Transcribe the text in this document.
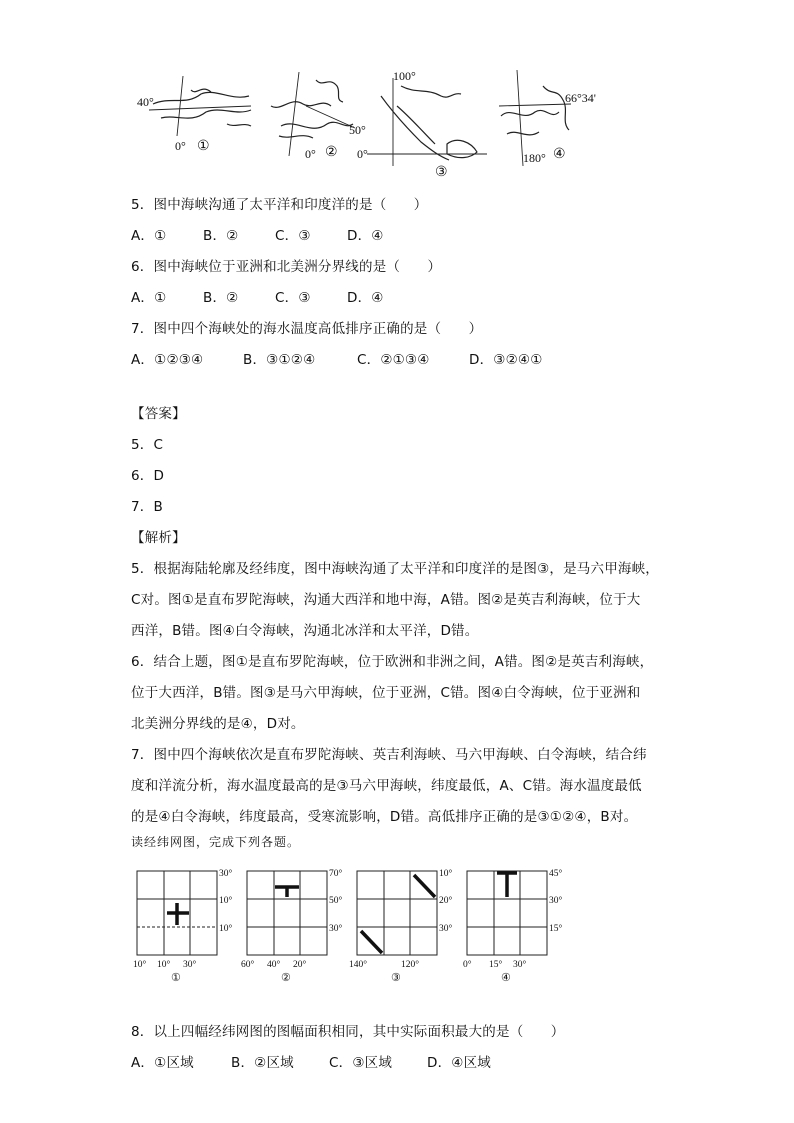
40°
0° ①
50°
0° ② 0°
100°
③
66°34'
180° ④
5．图中海峡沟通了太平洋和印度洋的是（　　）
A．①	B．②	C．③	D．④
6．图中海峡位于亚洲和北美洲分界线的是（　　）
A．①	B．②	C．③	D．④
7．图中四个海峡处的海水温度高低排序正确的是（　　）
A．①②③④	B．③①②④	C．②①③④	D．③②④①
【答案】
5．C
6．D
7．B
【解析】
5．根据海陆轮廓及经纬度，图中海峡沟通了太平洋和印度洋的是图③，是马六甲海峡，
C对。图①是直布罗陀海峡，沟通大西洋和地中海，A错。图②是英吉利海峡，位于大
西洋，B错。图④白令海峡，沟通北冰洋和太平洋，D错。
6．结合上题，图①是直布罗陀海峡，位于欧洲和非洲之间，A错。图②是英吉利海峡，
位于大西洋，B错。图③是马六甲海峡，位于亚洲，C错。图④白令海峡，位于亚洲和
北美洲分界线的是④，D对。
7．图中四个海峡依次是直布罗陀海峡、英吉利海峡、马六甲海峡、白令海峡，结合纬
度和洋流分析，海水温度最高的是③马六甲海峡，纬度最低，A、C错。海水温度最低
的是④白令海峡，纬度最高，受寒流影响，D错。高低排序正确的是③①②④，B对。
读经纬网图，完成下列各题。
30°
10°
10°
10° 10° 30°
①
70°
50°
30°
60° 40° 20°
②
10°
20°
30°
140°	120°
③
45°
30°
15°
0° 15° 30°
④
8．以上四幅经纬网图的图幅面积相同，其中实际面积最大的是（　　）
A．①区域	B．②区域	C．③区域	D．④区域
